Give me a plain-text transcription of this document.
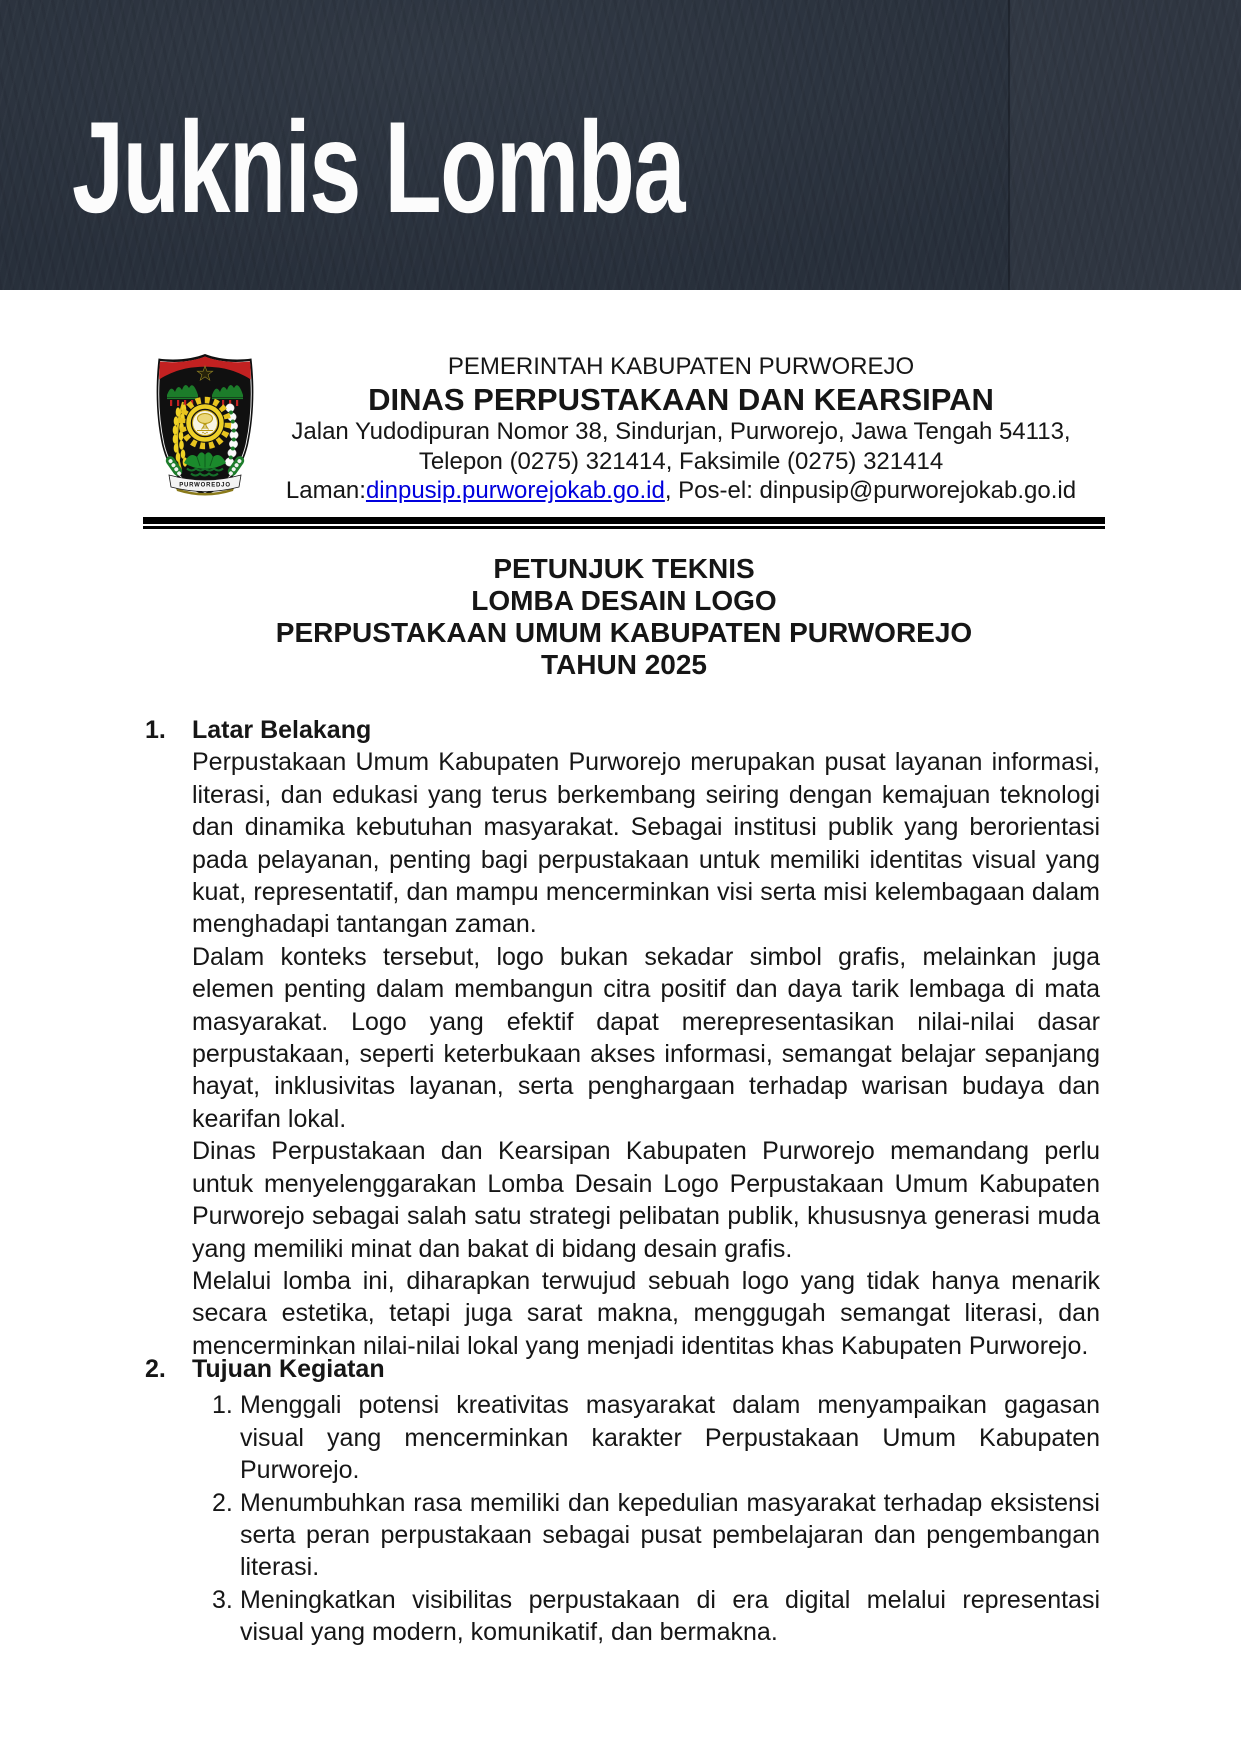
Juknis Lomba
PURWOREDJO
PEMERINTAH KABUPATEN PURWOREJO
DINAS PERPUSTAKAAN DAN KEARSIPAN
Jalan Yudodipuran Nomor 38, Sindurjan, Purworejo, Jawa Tengah 54113,
Telepon (0275) 321414, Faksimile (0275) 321414
Laman:dinpusip.purworejokab.go.id, Pos-el: dinpusip@purworejokab.go.id
PETUNJUK TEKNIS
LOMBA DESAIN LOGO
PERPUSTAKAAN UMUM KABUPATEN PURWOREJO
TAHUN 2025
1.	Latar Belakang

Perpustakaan Umum Kabupaten Purworejo merupakan pusat layanan informasi, literasi, dan edukasi yang terus berkembang seiring dengan kemajuan teknologi dan dinamika kebutuhan masyarakat. Sebagai institusi publik yang berorientasi pada pelayanan, penting bagi perpustakaan untuk memiliki identitas visual yang kuat, representatif, dan mampu mencerminkan visi serta misi kelembagaan dalam menghadapi tantangan zaman.

Dalam konteks tersebut, logo bukan sekadar simbol grafis, melainkan juga elemen penting dalam membangun citra positif dan daya tarik lembaga di mata masyarakat. Logo yang efektif dapat merepresentasikan nilai-nilai dasar perpustakaan, seperti keterbukaan akses informasi, semangat belajar sepanjang hayat, inklusivitas layanan, serta penghargaan terhadap warisan budaya dan kearifan lokal.

Dinas Perpustakaan dan Kearsipan Kabupaten Purworejo memandang perlu untuk menyelenggarakan Lomba Desain Logo Perpustakaan Umum Kabupaten Purworejo sebagai salah satu strategi pelibatan publik, khususnya generasi muda yang memiliki minat dan bakat di bidang desain grafis.

Melalui lomba ini, diharapkan terwujud sebuah logo yang tidak hanya menarik secara estetika, tetapi juga sarat makna, menggugah semangat literasi, dan mencerminkan nilai-nilai lokal yang menjadi identitas khas Kabupaten Purworejo.

2.	Tujuan Kegiatan
1. Menggali potensi kreativitas masyarakat dalam menyampaikan gagasan visual yang mencerminkan karakter Perpustakaan Umum Kabupaten Purworejo.

2. Menumbuhkan rasa memiliki dan kepedulian masyarakat terhadap eksistensi serta peran perpustakaan sebagai pusat pembelajaran dan pengembangan literasi.

3. Meningkatkan visibilitas perpustakaan di era digital melalui representasi visual yang modern, komunikatif, dan bermakna.
